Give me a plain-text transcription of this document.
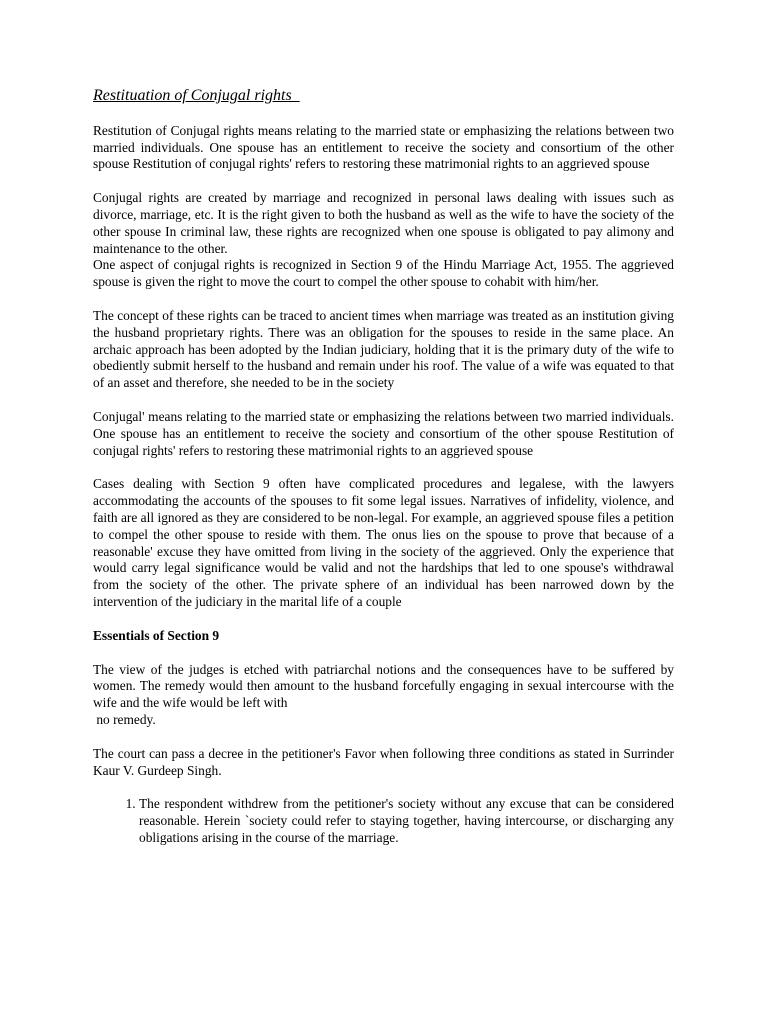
Restituation of Conjugal rights

Restitution of Conjugal rights means relating to the married state or emphasizing the relations between two married individuals. One spouse has an entitlement to receive the society and consortium of the other spouse Restitution of conjugal rights' refers to restoring these matrimonial rights to an aggrieved spouse

Conjugal rights are created by marriage and recognized in personal laws dealing with issues such as divorce, marriage, etc. It is the right given to both the husband as well as the wife to have the society of the other spouse In criminal law, these rights are recognized when one spouse is obligated to pay alimony and maintenance to the other.

One aspect of conjugal rights is recognized in Section 9 of the Hindu Marriage Act, 1955. The aggrieved spouse is given the right to move the court to compel the other spouse to cohabit with him/her.

The concept of these rights can be traced to ancient times when marriage was treated as an institution giving the husband proprietary rights. There was an obligation for the spouses to reside in the same place. An archaic approach has been adopted by the Indian judiciary, holding that it is the primary duty of the wife to obediently submit herself to the husband and remain under his roof. The value of a wife was equated to that of an asset and therefore, she needed to be in the society

Conjugal' means relating to the married state or emphasizing the relations between two married individuals. One spouse has an entitlement to receive the society and consortium of the other spouse Restitution of conjugal rights' refers to restoring these matrimonial rights to an aggrieved spouse

Cases dealing with Section 9 often have complicated procedures and legalese, with the lawyers accommodating the accounts of the spouses to fit some legal issues. Narratives of infidelity, violence, and faith are all ignored as they are considered to be non-legal. For example, an aggrieved spouse files a petition to compel the other spouse to reside with them. The onus lies on the spouse to prove that because of a reasonable' excuse they have omitted from living in the society of the aggrieved. Only the experience that would carry legal significance would be valid and not the hardships that led to one spouse's withdrawal from the society of the other. The private sphere of an individual has been narrowed down by the intervention of the judiciary in the marital life of a couple

Essentials of Section 9

The view of the judges is etched with patriarchal notions and the consequences have to be suffered by women. The remedy would then amount to the husband forcefully engaging in sexual intercourse with the wife and the wife would be left with
no remedy.

The court can pass a decree in the petitioner's Favor when following three conditions as stated in Surrinder Kaur V. Gurdeep Singh.

1. The respondent withdrew from the petitioner's society without any excuse that can be considered reasonable. Herein `society could refer to staying together, having intercourse, or discharging any obligations arising in the course of the marriage.
